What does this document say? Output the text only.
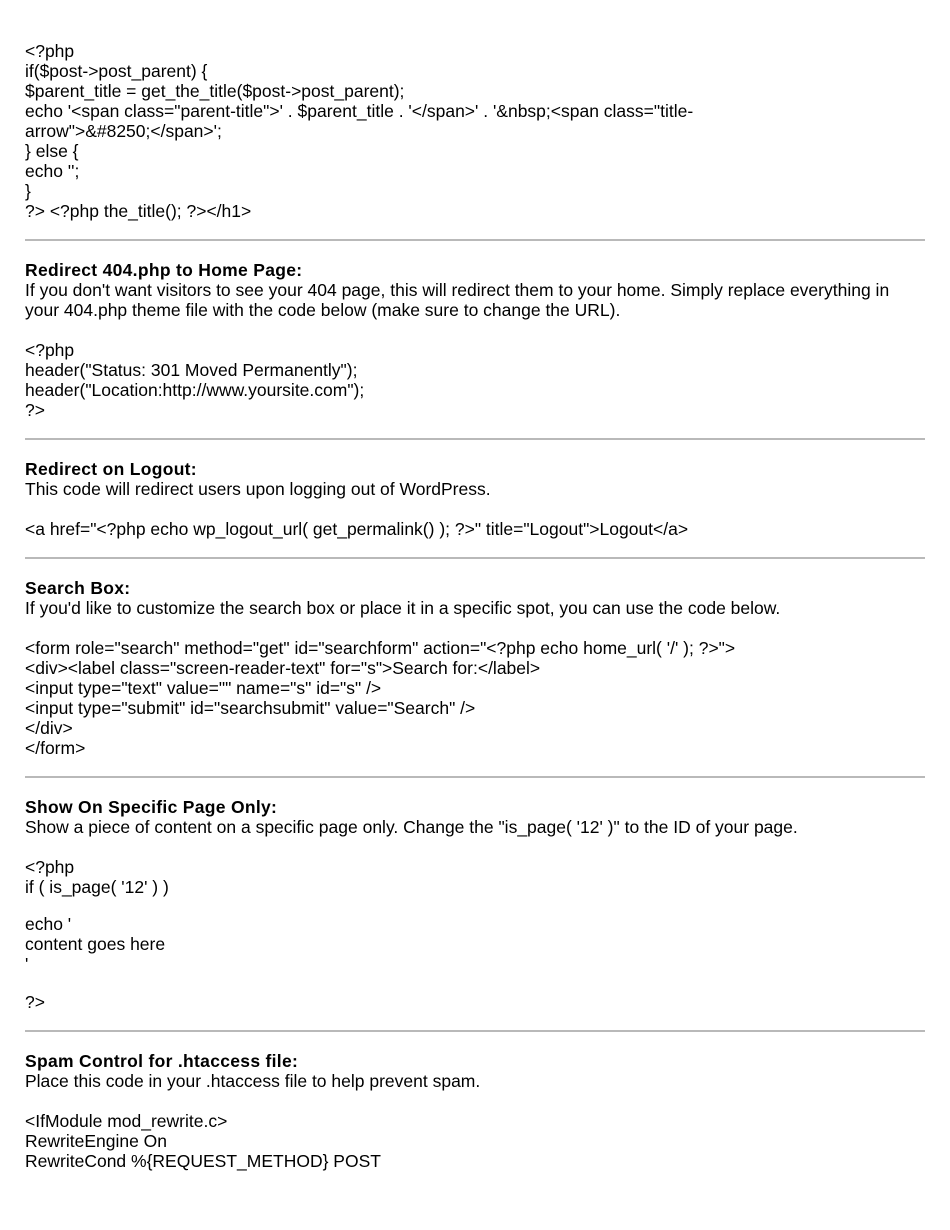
<?php
if($post->post_parent) {
$parent_title = get_the_title($post->post_parent);
echo '<span class="parent-title">' . $parent_title . '</span>' . '&nbsp;<span class="title-
arrow">&#8250;</span>';
} else {
echo '';
}
?> <?php the_title(); ?></h1>
Redirect 404.php to Home Page:
If you don't want visitors to see your 404 page, this will redirect them to your home. Simply replace everything in your 404.php theme file with the code below (make sure to change the URL).
<?php
header("Status: 301 Moved Permanently");
header("Location:http://www.yoursite.com");
?>
Redirect on Logout:
This code will redirect users upon logging out of WordPress.
<a href="<?php echo wp_logout_url( get_permalink() ); ?>" title="Logout">Logout</a>
Search Box:
If you'd like to customize the search box or place it in a specific spot, you can use the code below.
<form role="search" method="get" id="searchform" action="<?php echo home_url( '/' ); ?>">
<div><label class="screen-reader-text" for="s">Search for:</label>
<input type="text" value="" name="s" id="s" />
<input type="submit" id="searchsubmit" value="Search" />
</div>
</form>
Show On Specific Page Only:
Show a piece of content on a specific page only. Change the "is_page( '12' )" to the ID of your page.
<?php
if ( is_page( '12' ) )
echo '
content goes here
'
?>
Spam Control for .htaccess file:
Place this code in your .htaccess file to help prevent spam.
<IfModule mod_rewrite.c>
RewriteEngine On
RewriteCond %{REQUEST_METHOD} POST
